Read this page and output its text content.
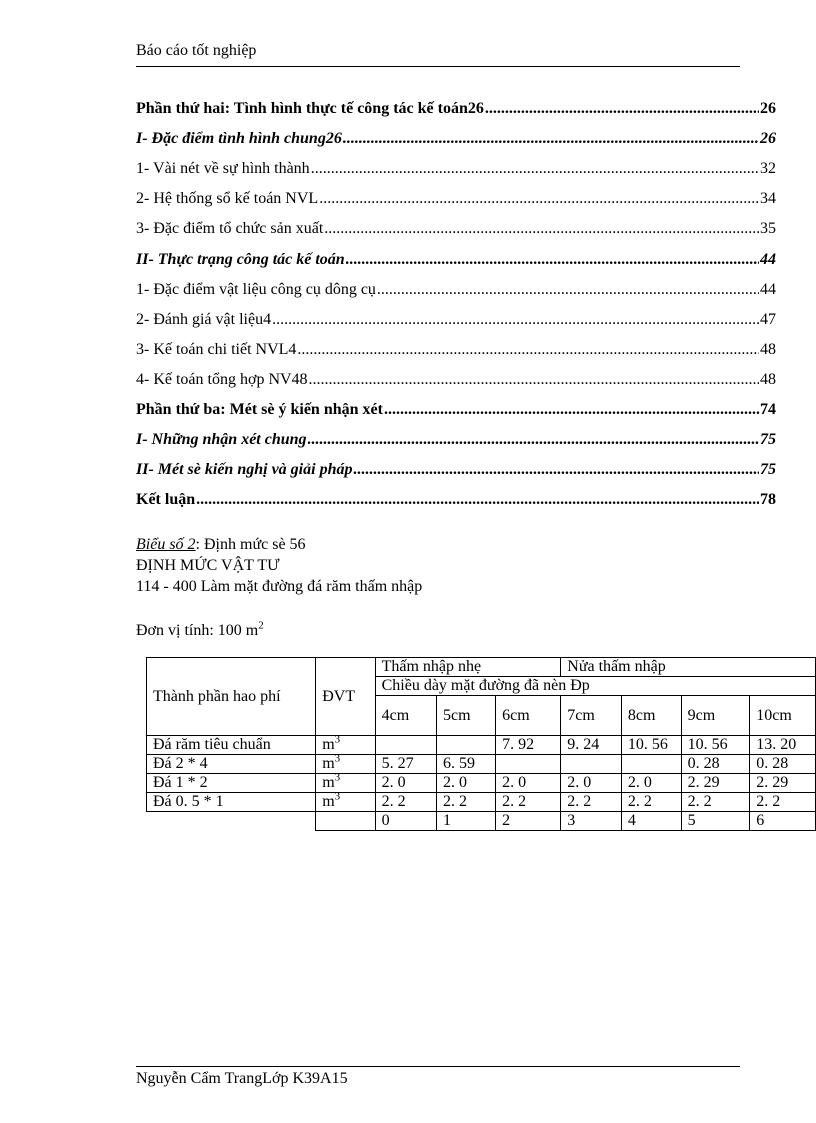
Báo cáo tốt nghiệp
Phần thứ hai: Tình hình thực tế công tác kế toán26 .....	26
I- Đặc điểm tình hình chung26 .....	26
1- Vài nét về sự hình thành .....	32
2- Hệ thống sổ kế toán NVL .....	34
3- Đặc điểm tổ chức sản xuất .....	35
II- Thực trạng công tác kế toán .....	44
1- Đặc điểm vật liệu công cụ dông cụ .....	44
2- Đánh giá vật liệu4 .....	47
3- Kế toán chi tiết NVL4 .....	48
4- Kế toán tổng hợp NV48 .....	48
Phần thứ ba: Mét sè ý kiến nhận xét .....	74
I- Những nhận xét chung .....	75
II- Mét sè kiến nghị và giải pháp .....	75
Kết luận .....	78
Biểu số 2: Định mức sè 56
ĐỊNH MỨC VẬT TƯ
114 - 400 Làm mặt đường đá răm thấm nhập
Đơn vị tính: 100 $m^2$
Thành phần hao phí	ĐVT	Thấm nhập nhẹ			Nửa thấm nhập			
		Chiều dày mặt đường đã nèn Đp						
		4cm	5cm	6cm	7cm	8cm	9cm	10cm
Đá răm tiêu chuẩn	$m^3$			7. 92	9. 24	10. 56	10. 56	13. 20
Đá 2 * 4	$m^3$	5. 27	6. 59				0. 28	0. 28
Đá 1 * 2	$m^3$	2. 0	2. 0	2. 0	2. 0	2. 0	2. 29	2. 29
Đá 0. 5 * 1	$m^3$	2. 2	2. 2	2. 2	2. 2	2. 2	2. 2	2. 2
		0	1	2	3	4	5	6
Nguyễn Cẩm TrangLớp K39A15
